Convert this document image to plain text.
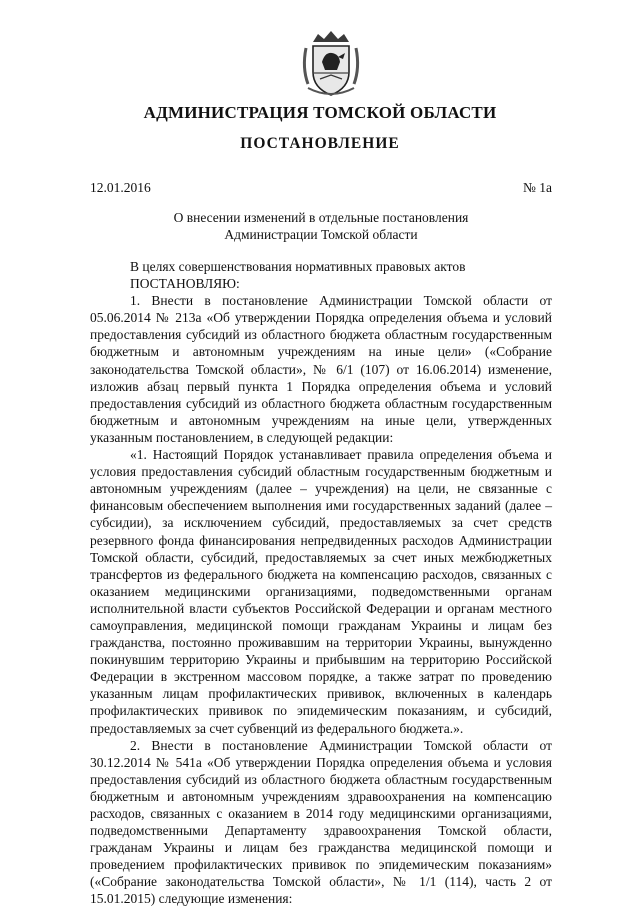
АДМИНИСТРАЦИЯ ТОМСКОЙ ОБЛАСТИ
ПОСТАНОВЛЕНИЕ
12.01.2016	№ 1а
О внесении изменений в отдельные постановления
Администрации Томской области

В целях совершенствования нормативных правовых актов

ПОСТАНОВЛЯЮ:

1. Внести в постановление Администрации Томской области от 05.06.2014 № 213а «Об утверждении Порядка определения объема и условий предоставления субсидий из областного бюджета областным государственным бюджетным и автономным учреждениям на иные цели» («Собрание законодательства Томской области», № 6/1 (107) от 16.06.2014) изменение, изложив абзац первый пункта 1 Порядка определения объема и условий предоставления субсидий из областного бюджета областным государственным бюджетным и автономным учреждениям на иные цели, утвержденных указанным постановлением, в следующей редакции:

«1. Настоящий Порядок устанавливает правила определения объема и условия предоставления субсидий областным государственным бюджетным и автономным учреждениям (далее – учреждения) на цели, не связанные с финансовым обеспечением выполнения ими государственных заданий (далее – субсидии), за исключением субсидий, предоставляемых за счет средств резервного фонда финансирования непредвиденных расходов Администрации Томской области, субсидий, предоставляемых за счет иных межбюджетных трансфертов из федерального бюджета на компенсацию расходов, связанных с оказанием медицинскими организациями, подведомственными органам исполнительной власти субъектов Российской Федерации и органам местного самоуправления, медицинской помощи гражданам Украины и лицам без гражданства, постоянно проживавшим на территории Украины, вынужденно покинувшим территорию Украины и прибывшим на территорию Российской Федерации в экстренном массовом порядке, а также затрат по проведению указанным лицам профилактических прививок, включенных в календарь профилактических прививок по эпидемическим показаниям, и субсидий, предоставляемых за счет субвенций из федерального бюджета.».

2. Внести в постановление Администрации Томской области от 30.12.2014 № 541а «Об утверждении Порядка определения объема и условия предоставления субсидий из областного бюджета областным государственным бюджетным и автономным учреждениям здравоохранения на компенсацию расходов, связанных с оказанием в 2014 году медицинскими организациями, подведомственными Департаменту здравоохранения Томской области, гражданам Украины и лицам без гражданства медицинской помощи и проведением профилактических прививок по эпидемическим показаниям» («Собрание законодательства Томской области», № 1/1 (114), часть 2 от 15.01.2015) следующие изменения:
